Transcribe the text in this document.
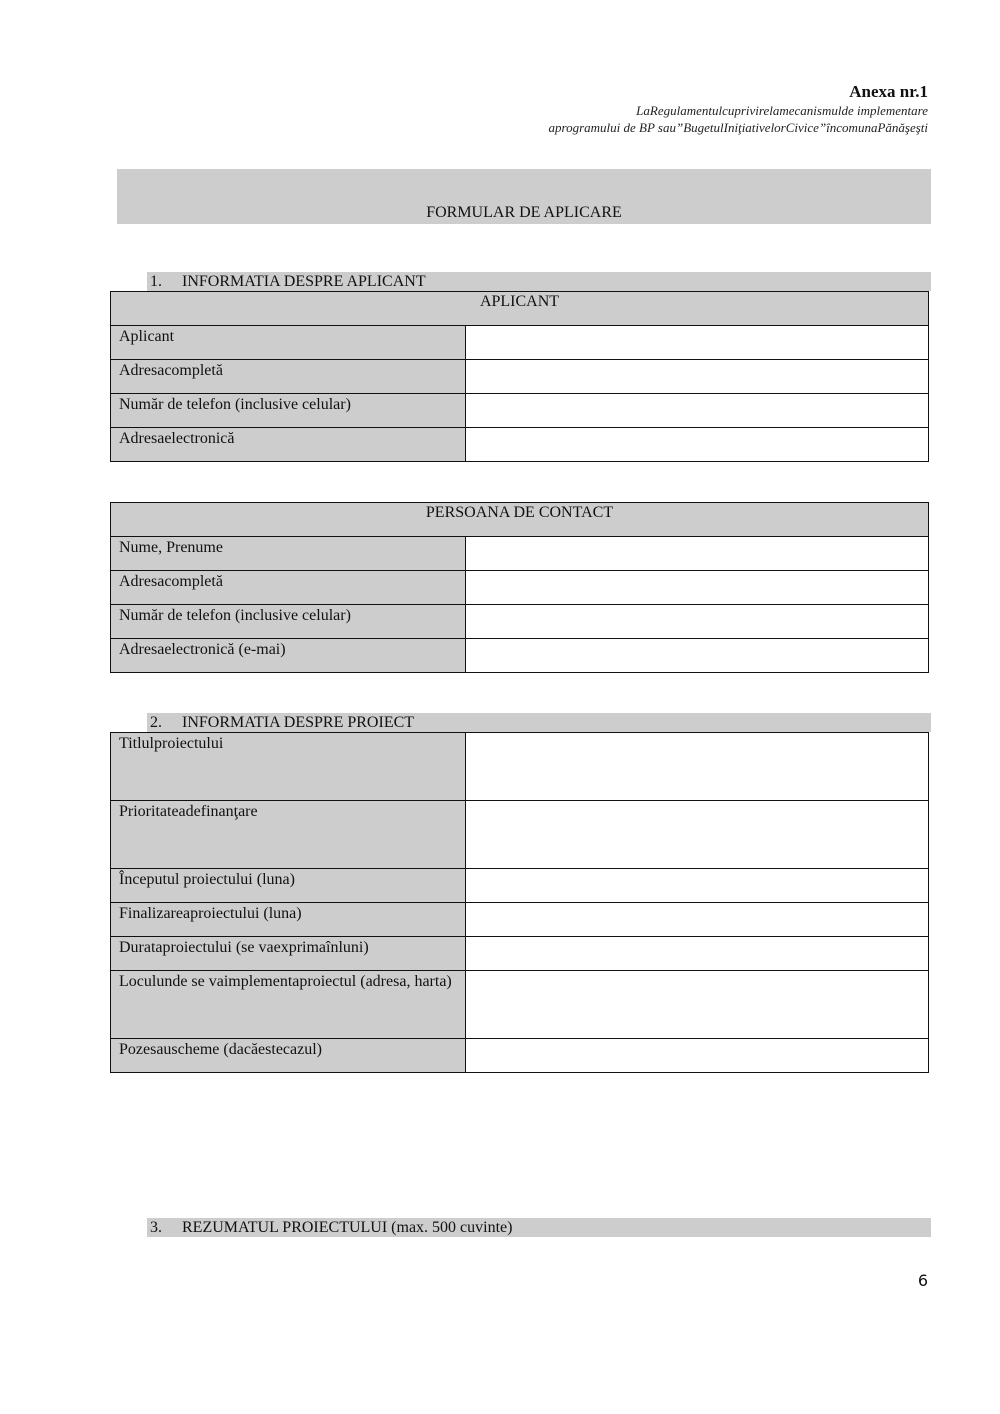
Anexa nr.1
LaRegulamentulcuprivirelamecanismulde implementare
aprogramului de BP sau”BugetulIniţiativelorCivice”încomunaPănăşeşti
FORMULAR DE APLICARE
1. INFORMATIA DESPRE APLICANT
APLICANT	
Aplicant	
Adresacompletă	
Număr de telefon (inclusive celular)	
Adresaelectronică	
PERSOANA DE CONTACT	
Nume, Prenume	
Adresacompletă	
Număr de telefon (inclusive celular)	
Adresaelectronică (e-mai)	
2. INFORMATIA DESPRE PROIECT
Titlulproiectului	
Prioritateadefinanţare	
Începutul proiectului (luna)	
Finalizareaproiectului (luna)	
Durataproiectului (se vaexprimaînluni)	
Loculunde se vaimplementaproiectul (adresa, harta)	
Pozesauscheme (dacăestecazul)	
3. REZUMATUL PROIECTULUI (max. 500 cuvinte)
6
